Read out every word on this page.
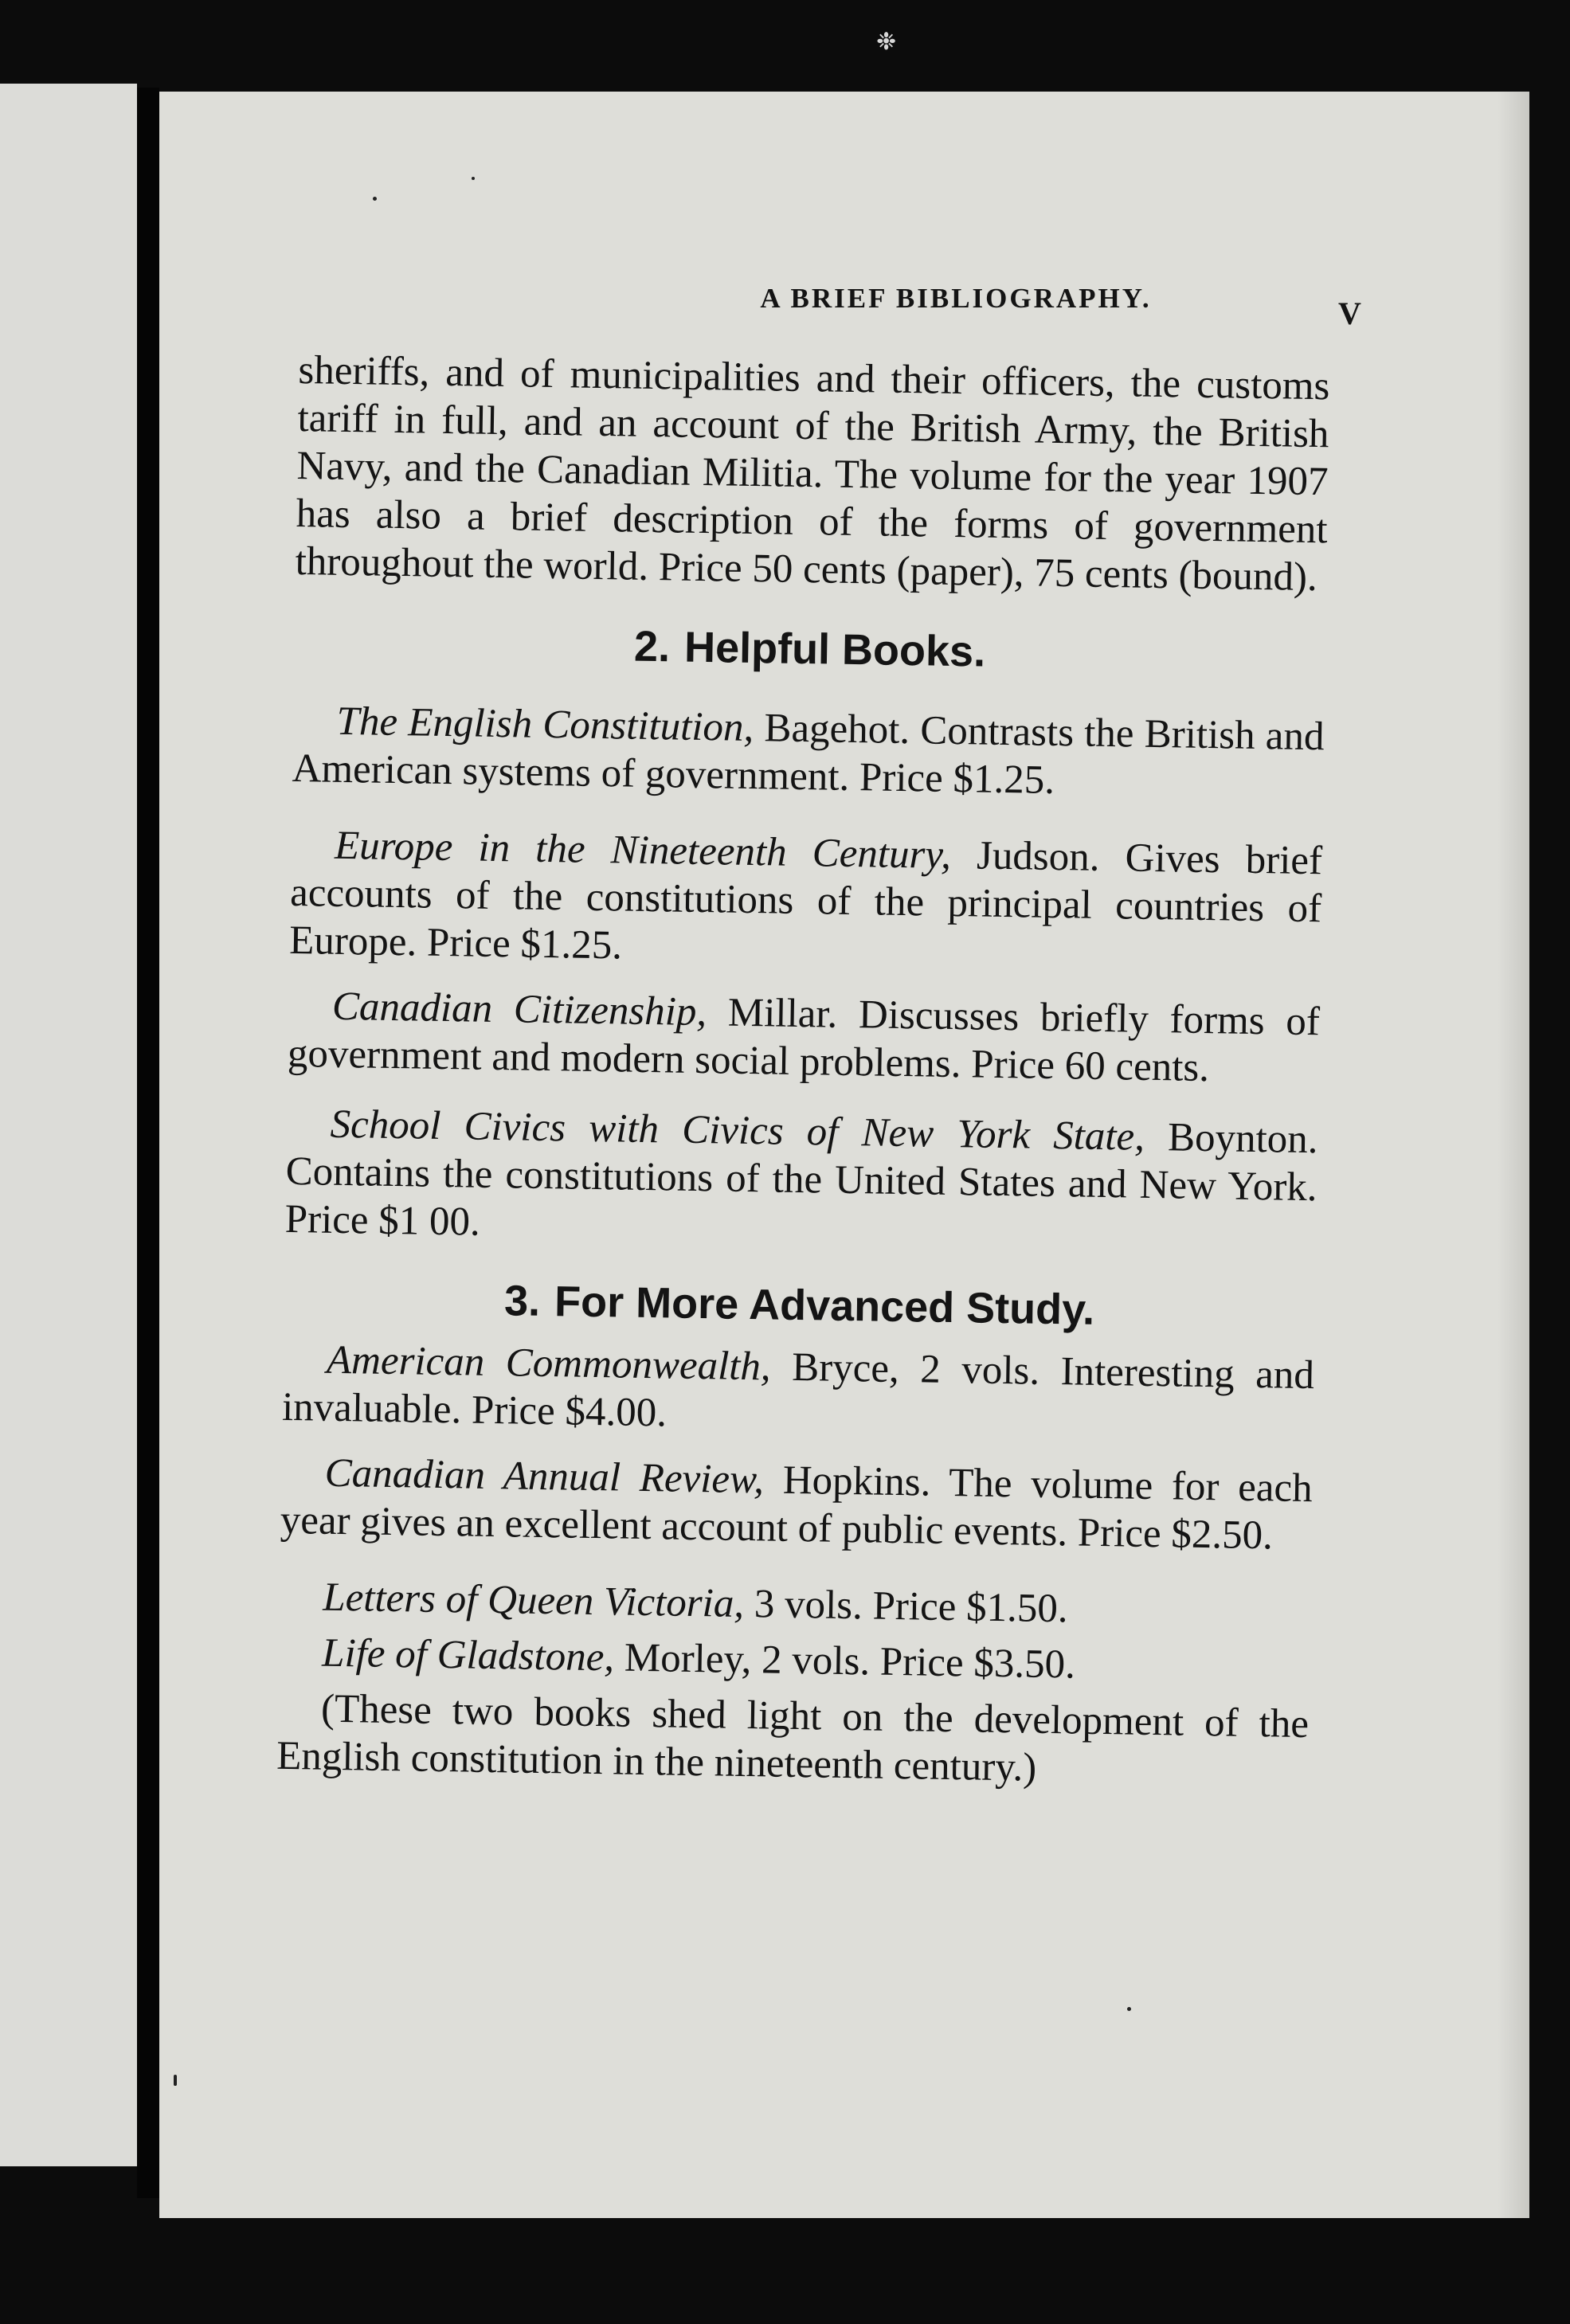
❉
A BRIEF BIBLIOGRAPHY.	V

sheriffs, and of municipalities and their officers, the customs tariff in full, and an account of the British Army, the British Navy, and the Canadian Militia. The volume for the year 1907 has also a brief description of the forms of government throughout the world. Price 50 cents (paper), 75 cents (bound).

2. Helpful Books.

The English Constitution, Bagehot. Contrasts the British and American systems of government. Price $1.25.

Europe in the Nineteenth Century, Judson. Gives brief accounts of the constitutions of the principal countries of Europe. Price $1.25.

Canadian Citizenship, Millar. Discusses briefly forms of government and modern social problems. Price 60 cents.

School Civics with Civics of New York State, Boynton. Contains the constitutions of the United States and New York. Price $1 00.

3. For More Advanced Study.

American Commonwealth, Bryce, 2 vols. Interesting and invaluable. Price $4.00.

Canadian Annual Review, Hopkins. The volume for each year gives an excellent account of public events. Price $2.50.

Letters of Queen Victoria, 3 vols. Price $1.50.

Life of Gladstone, Morley, 2 vols. Price $3.50.

(These two books shed light on the development of the English constitution in the nineteenth century.)
